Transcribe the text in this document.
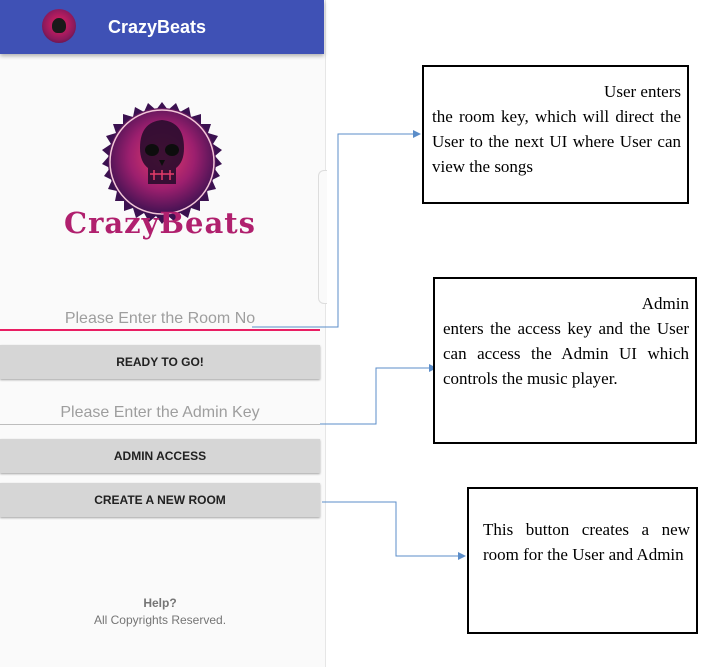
CrazyBeats
CrazyBeats
Please Enter the Room No
READY TO GO!
Please Enter the Admin Key
ADMIN ACCESS
CREATE A NEW ROOM
Help?
All Copyrights Reserved.
User enters
the room key, which will direct the User to the next UI where User can view the songs
Admin
enters the access key and the User can access the Admin UI which controls the music player.
This button creates a new room for the User and Admin
